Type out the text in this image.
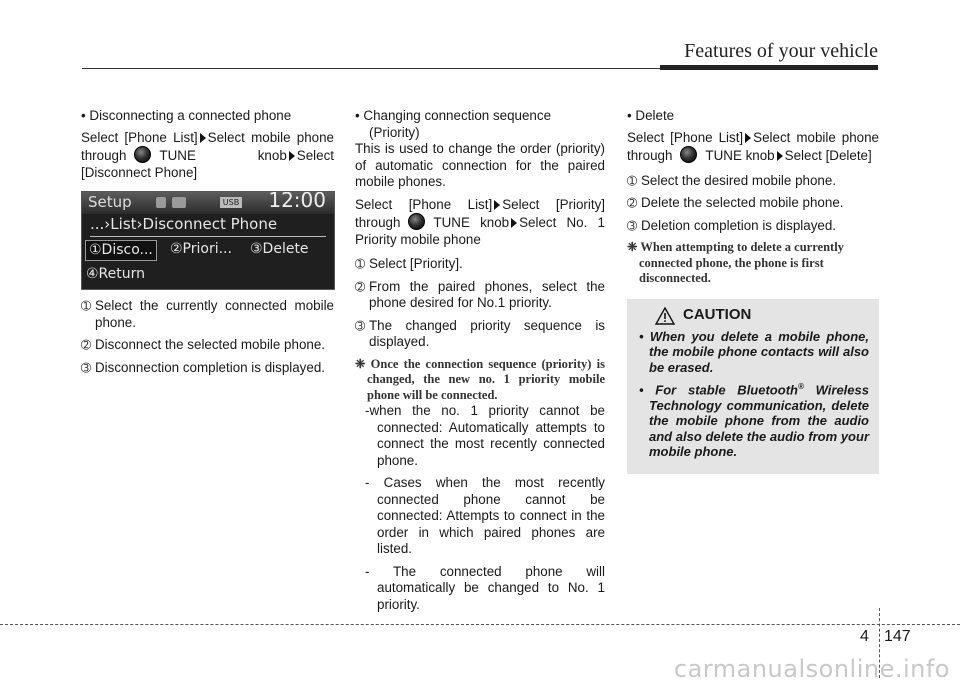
Features of your vehicle

• Disconnecting a connected phone

Select [Phone List] Select mobile phone through TUNE knob Select [Disconnect Phone]

Setup	USB 12:00
...›List›Disconnect Phone
①Disco... ②Priori... ③Delete
④Return
➀ Select the currently connected mobile phone.
➁ Disconnect the selected mobile phone.
➂ Disconnection completion is displayed.

• Changing connection sequence (Priority)

This is used to change the order (priority) of automatic connection for the paired mobile phones.

Select [Phone List] Select [Priority] through TUNE knob Select No. 1 Priority mobile phone

➀ Select [Priority].
➁ From the paired phones, select the phone desired for No.1 priority.
➂ The changed priority sequence is displayed.

❈ Once the connection sequence (priority) is changed, the new no. 1 priority mobile phone will be connected.

-when the no. 1 priority cannot be connected: Automatically attempts to connect the most recently connected phone.

- Cases when the most recently connected phone cannot be connected: Attempts to connect in the order in which paired phones are listed.

- The connected phone will automatically be changed to No. 1 priority.

• Delete

Select [Phone List] Select mobile phone through TUNE knob Select [Delete]

➀ Select the desired mobile phone.
➁ Delete the selected mobile phone.
➂ Deletion completion is displayed.

❈ When attempting to delete a currently connected phone, the phone is first disconnected.

CAUTION

• When you delete a mobile phone, the mobile phone contacts will also be erased.

• For stable Bluetooth® Wireless Technology communication, delete the mobile phone from the audio and also delete the audio from your mobile phone.

4 147
carmanualsonline.info
